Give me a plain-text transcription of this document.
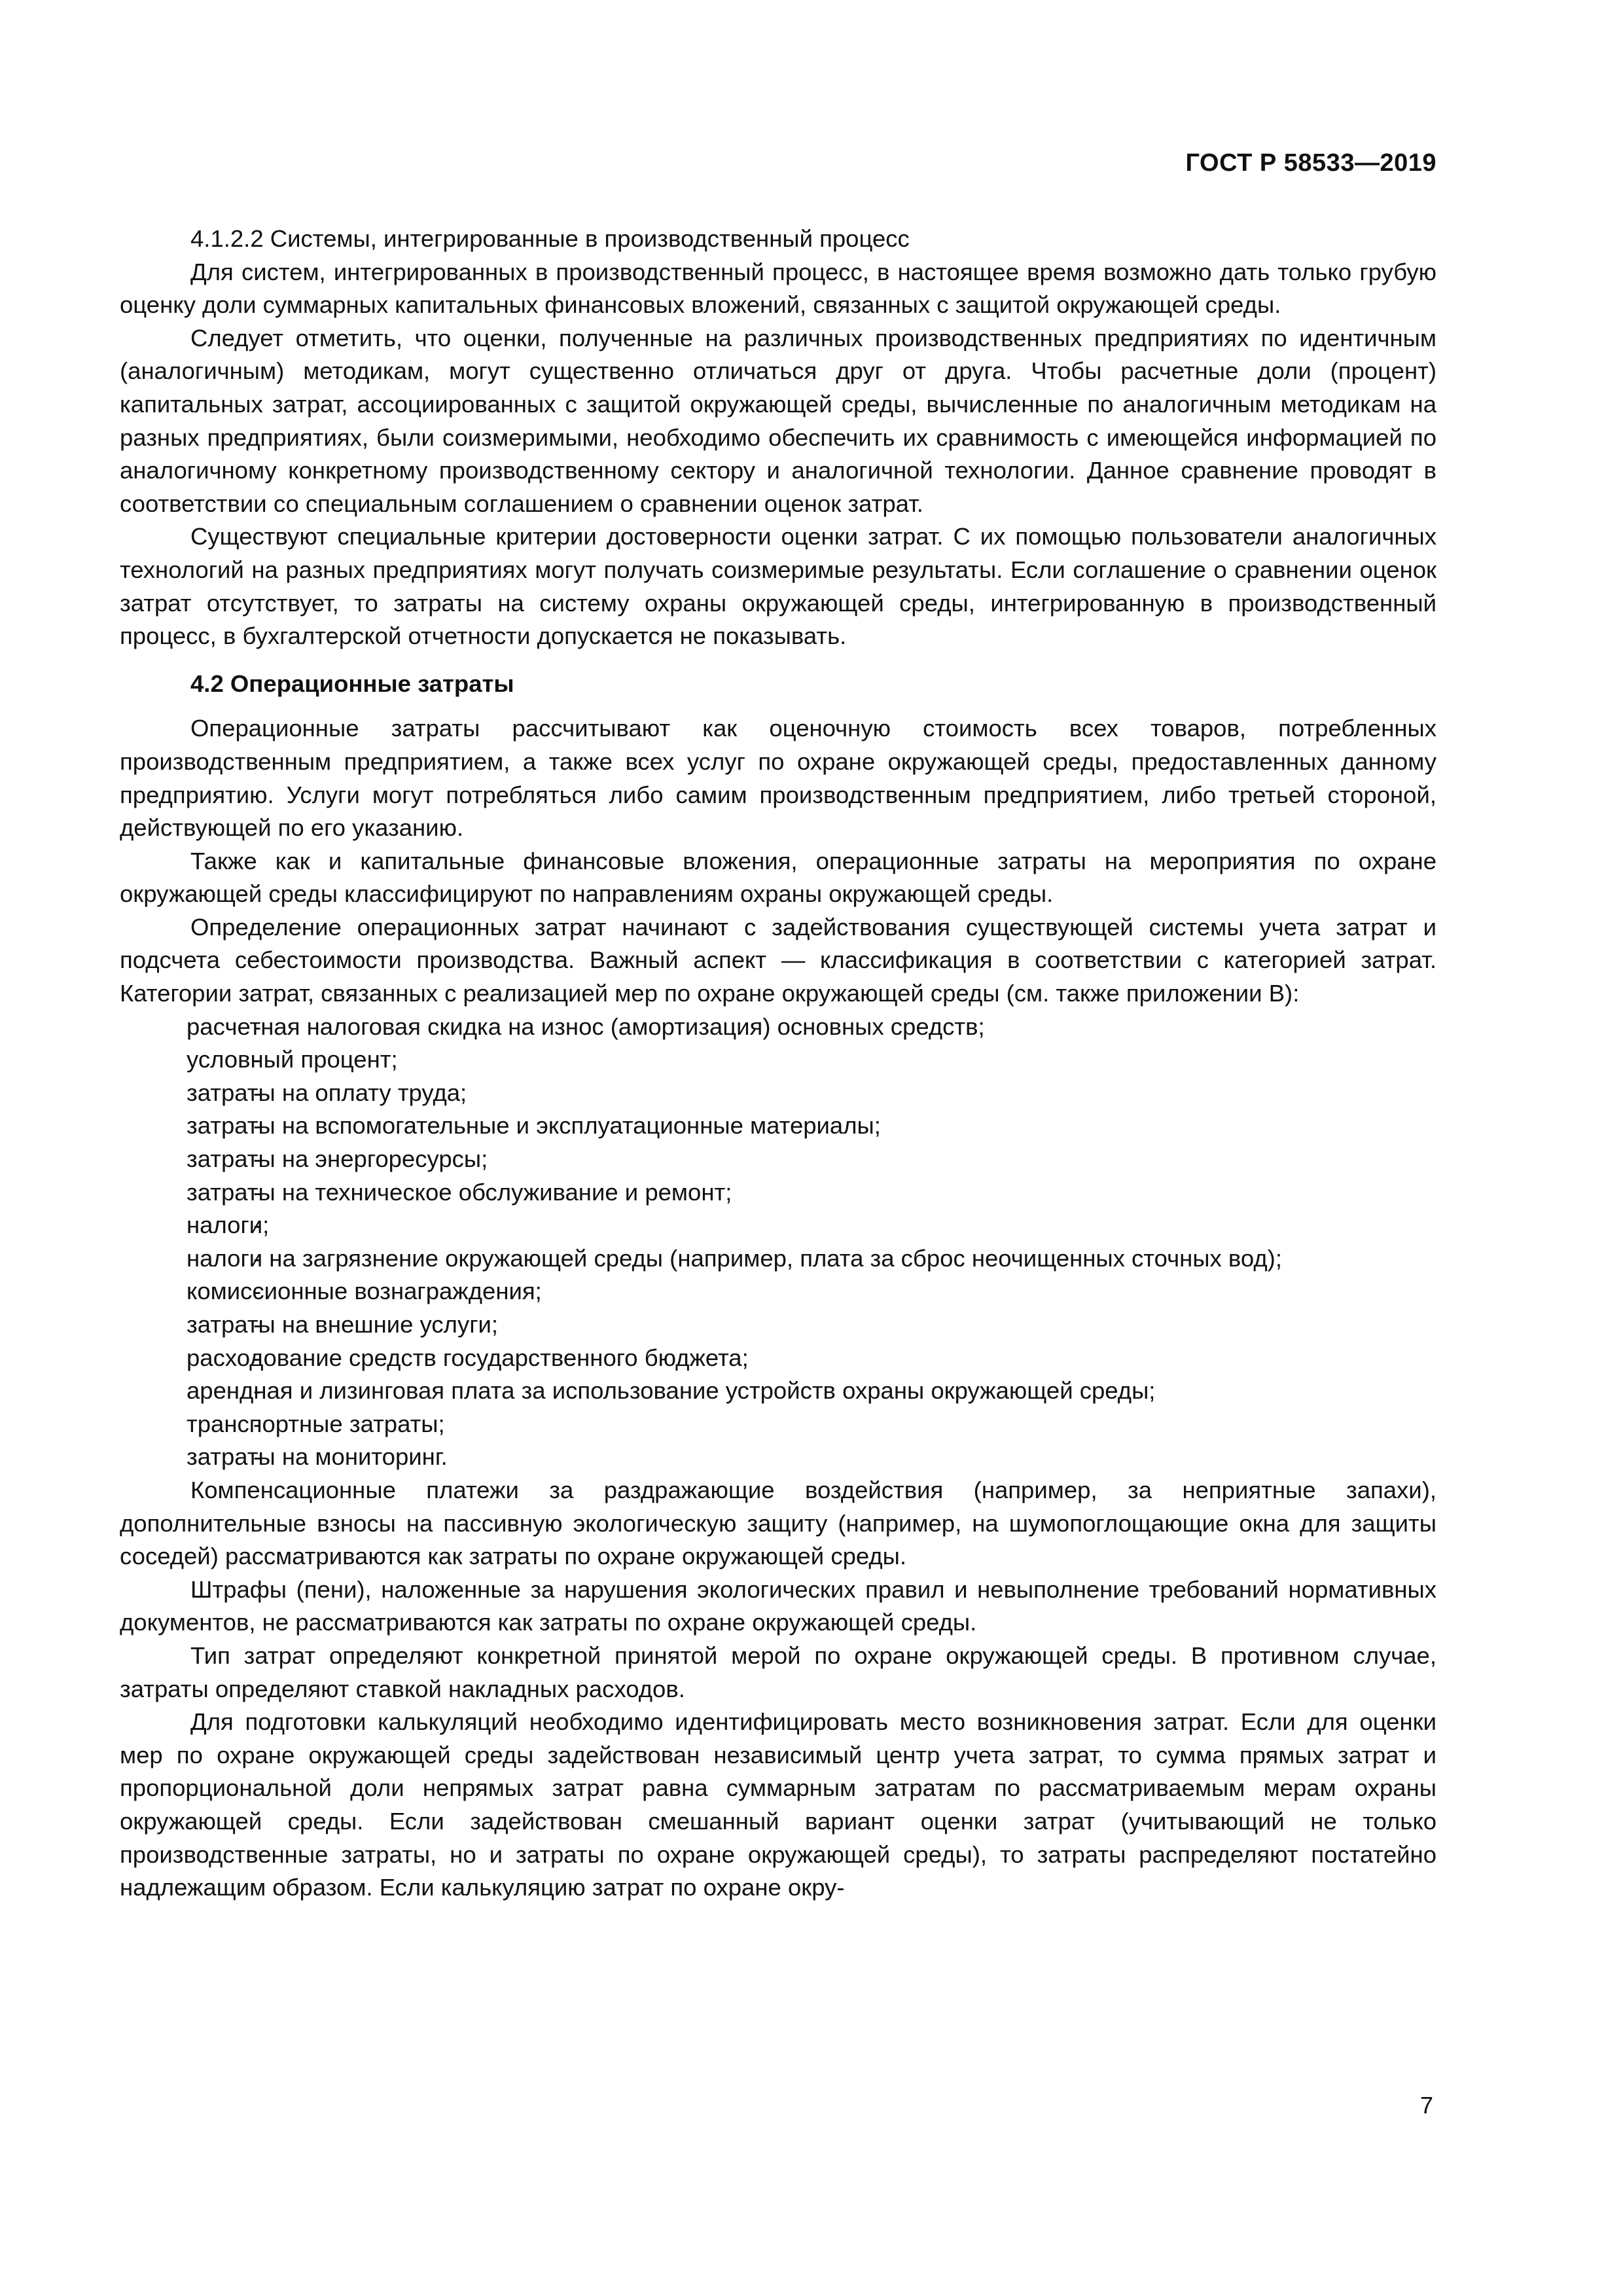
ГОСТ Р 58533—2019

4.1.2.2 Системы, интегрированные в производственный процесс

Для систем, интегрированных в производственный процесс, в настоящее время возможно дать только грубую оценку доли суммарных капитальных финансовых вложений, связанных с защитой окружающей среды.

Следует отметить, что оценки, полученные на различных производственных предприятиях по идентичным (аналогичным) методикам, могут существенно отличаться друг от друга. Чтобы расчетные доли (процент) капитальных затрат, ассоциированных с защитой окружающей среды, вычисленные по аналогичным методикам на разных предприятиях, были соизмеримыми, необходимо обеспечить их сравнимость с имеющейся информацией по аналогичному конкретному производственному сектору и аналогичной технологии. Данное сравнение проводят в соответствии со специальным соглашением о сравнении оценок затрат.

Существуют специальные критерии достоверности оценки затрат. С их помощью пользователи аналогичных технологий на разных предприятиях могут получать соизмеримые результаты. Если соглашение о сравнении оценок затрат отсутствует, то затраты на систему охраны окружающей среды, интегрированную в производственный процесс, в бухгалтерской отчетности допускается не показывать.

4.2 Операционные затраты

Операционные затраты рассчитывают как оценочную стоимость всех товаров, потребленных производственным предприятием, а также всех услуг по охране окружающей среды, предоставленных данному предприятию. Услуги могут потребляться либо самим производственным предприятием, либо третьей стороной, действующей по его указанию.

Также как и капитальные финансовые вложения, операционные затраты на мероприятия по охране окружающей среды классифицируют по направлениям охраны окружающей среды.

Определение операционных затрат начинают с задействования существующей системы учета затрат и подсчета себестоимости производства. Важный аспект — классификация в соответствии с категорией затрат. Категории затрат, связанных с реализацией мер по охране окружающей среды (см. также приложении В):

расчетная налоговая скидка на износ (амортизация) основных средств;
условный процент;
затраты на оплату труда;
затраты на вспомогательные и эксплуатационные материалы;
затраты на энергоресурсы;
затраты на техническое обслуживание и ремонт;
налоги;
налоги на загрязнение окружающей среды (например, плата за сброс неочищенных сточных вод);
комиссионные вознаграждения;
затраты на внешние услуги;
расходование средств государственного бюджета;
арендная и лизинговая плата за использование устройств охраны окружающей среды;
транспортные затраты;
затраты на мониторинг.

Компенсационные платежи за раздражающие воздействия (например, за неприятные запахи), дополнительные взносы на пассивную экологическую защиту (например, на шумопоглощающие окна для защиты соседей) рассматриваются как затраты по охране окружающей среды.

Штрафы (пени), наложенные за нарушения экологических правил и невыполнение требований нормативных документов, не рассматриваются как затраты по охране окружающей среды.

Тип затрат определяют конкретной принятой мерой по охране окружающей среды. В противном случае, затраты определяют ставкой накладных расходов.

Для подготовки калькуляций необходимо идентифицировать место возникновения затрат. Если для оценки мер по охране окружающей среды задействован независимый центр учета затрат, то сумма прямых затрат и пропорциональной доли непрямых затрат равна суммарным затратам по рассматриваемым мерам охраны окружающей среды. Если задействован смешанный вариант оценки затрат (учитывающий не только производственные затраты, но и затраты по охране окружающей среды), то затраты распределяют постатейно надлежащим образом. Если калькуляцию затрат по охране окру-

7
